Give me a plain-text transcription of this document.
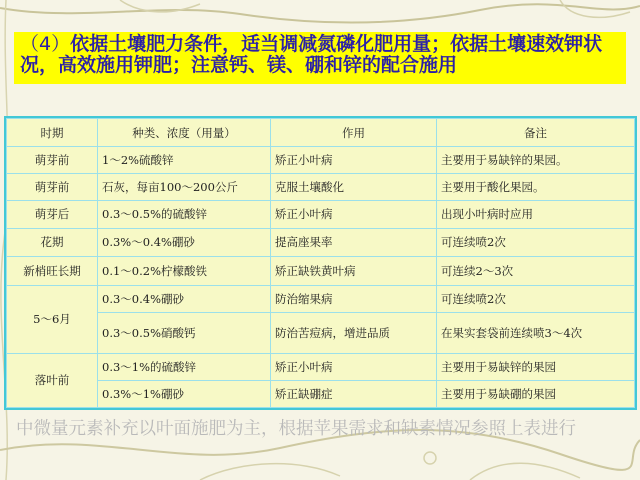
（4）依据土壤肥力条件，适当调减氮磷化肥用量；依据土壤速效钾状况，高效施用钾肥；注意钙、镁、硼和锌的配合施用

时期	种类、浓度（用量）	作用	备注
萌芽前	1～2%硫酸锌	矫正小叶病	主要用于易缺锌的果园。
萌芽前	石灰，每亩100～200公斤	克服土壤酸化	主要用于酸化果园。
萌芽后	0.3～0.5%的硫酸锌	矫正小叶病	出现小叶病时应用
花期	0.3%～0.4%硼砂	提高座果率	可连续喷2次
新梢旺长期	0.1～0.2%柠檬酸铁	矫正缺铁黄叶病	可连续2～3次
5～6月	0.3～0.4%硼砂	防治缩果病	可连续喷2次
	0.3～0.5%硝酸钙	防治苦痘病，增进品质	在果实套袋前连续喷3～4次
落叶前	0.3～1%的硫酸锌	矫正小叶病	主要用于易缺锌的果园
	0.3%～1%硼砂	矫正缺硼症	主要用于易缺硼的果园

中微量元素补充以叶面施肥为主，根据苹果需求和缺素情况参照上表进行
